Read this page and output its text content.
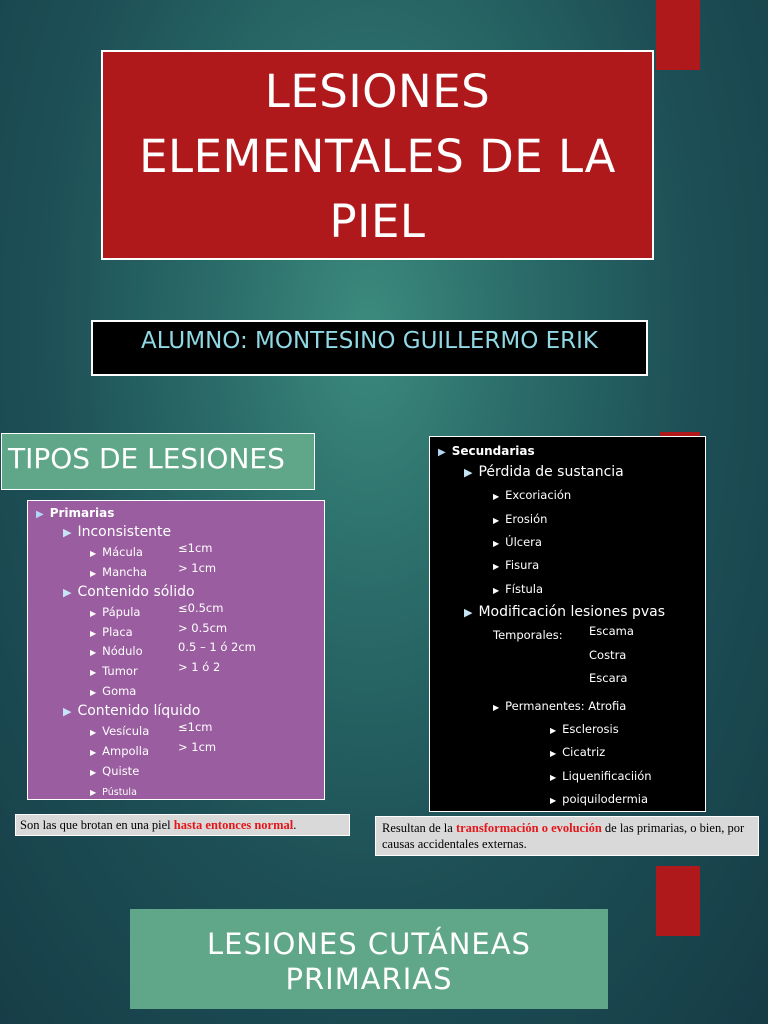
LESIONES
ELEMENTALES DE LA
PIEL
ALUMNO: MONTESINO GUILLERMO ERIK
TIPOS DE LESIONES
▶ Primarias
▶ Inconsistente
▶ Mácula	≤1cm
▶ Mancha	> 1cm
▶ Contenido sólido
▶ Pápula	≤0.5cm
▶ Placa	> 0.5cm
▶ Nódulo	0.5 – 1 ó 2cm
▶ Tumor	> 1 ó 2
▶ Goma
▶ Contenido líquido
▶ Vesícula	≤1cm
▶ Ampolla	> 1cm
▶ Quiste
▶ Pústula
▶ Secundarias
▶ Pérdida de sustancia
▶ Excoriación
▶ Erosión
▶ Úlcera
▶ Fisura
▶ Fístula
▶ Modificación lesiones pvas
Temporales: Escama
Costra
Escara
▶ Permanentes: Atrofia
▶ Esclerosis
▶ Cicatriz
▶ Liquenificaciión
▶ poiquilodermia
Son las que brotan en una piel hasta entonces normal.	Resultan de la transformación o evolución de las primarias, o bien, por causas accidentales externas.
LESIONES CUTÁNEAS
PRIMARIAS
